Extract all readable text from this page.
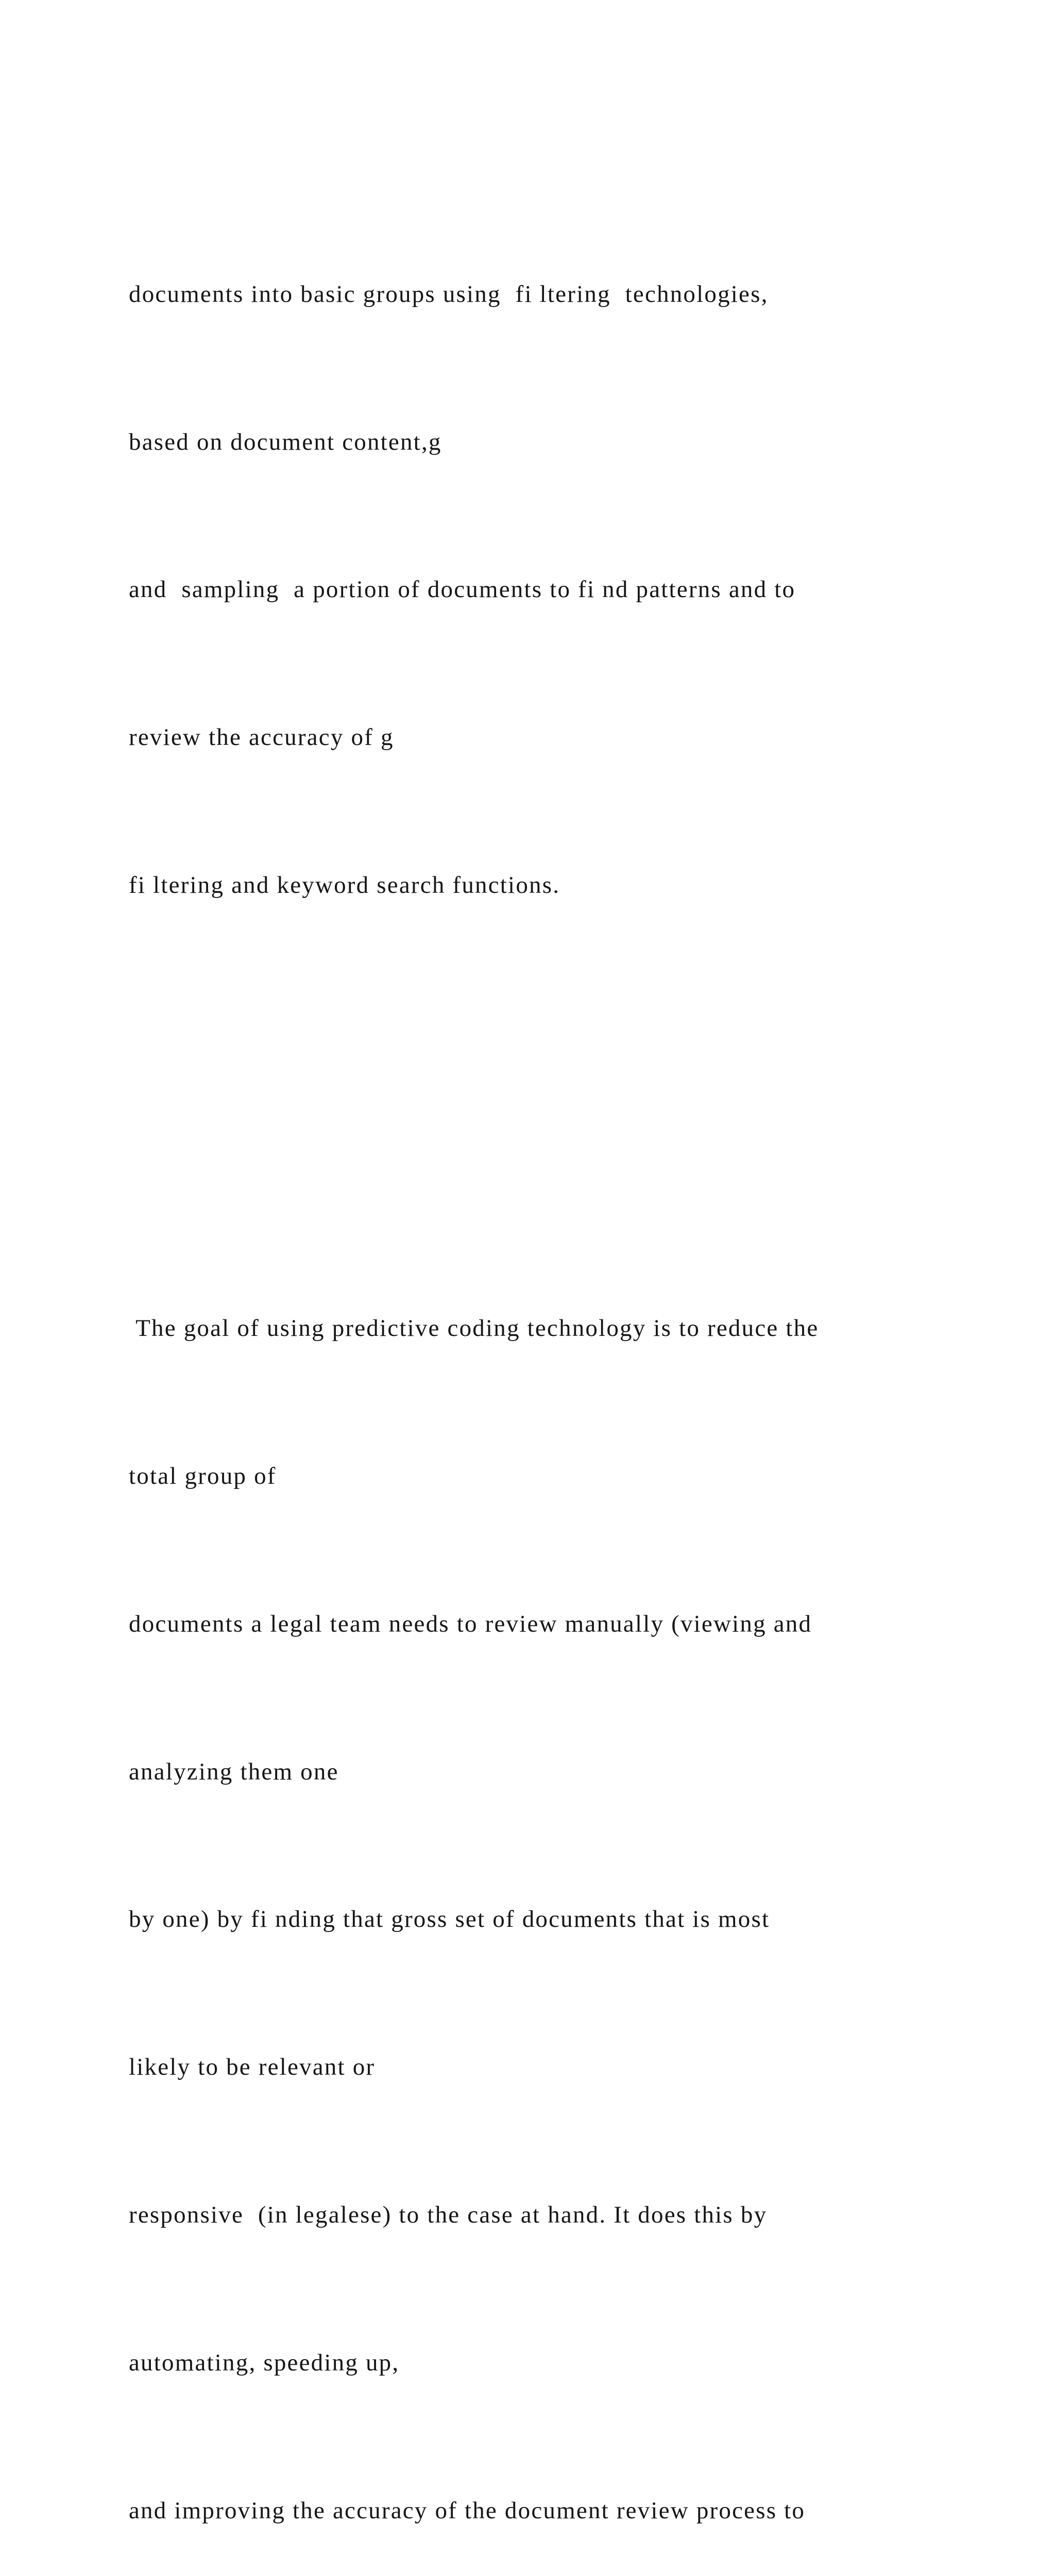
documents into basic groups using  fi ltering  technologies,

based on document content,g

and  sampling  a portion of documents to fi nd patterns and to

review the accuracy of g

fi ltering and keyword search functions.

The goal of using predictive coding technology is to reduce the

total group of

documents a legal team needs to review manually (viewing and

analyzing them one

by one) by fi nding that gross set of documents that is most

likely to be relevant or

responsive  (in legalese) to the case at hand. It does this by

automating, speeding up,

and improving the accuracy of the document review process to
